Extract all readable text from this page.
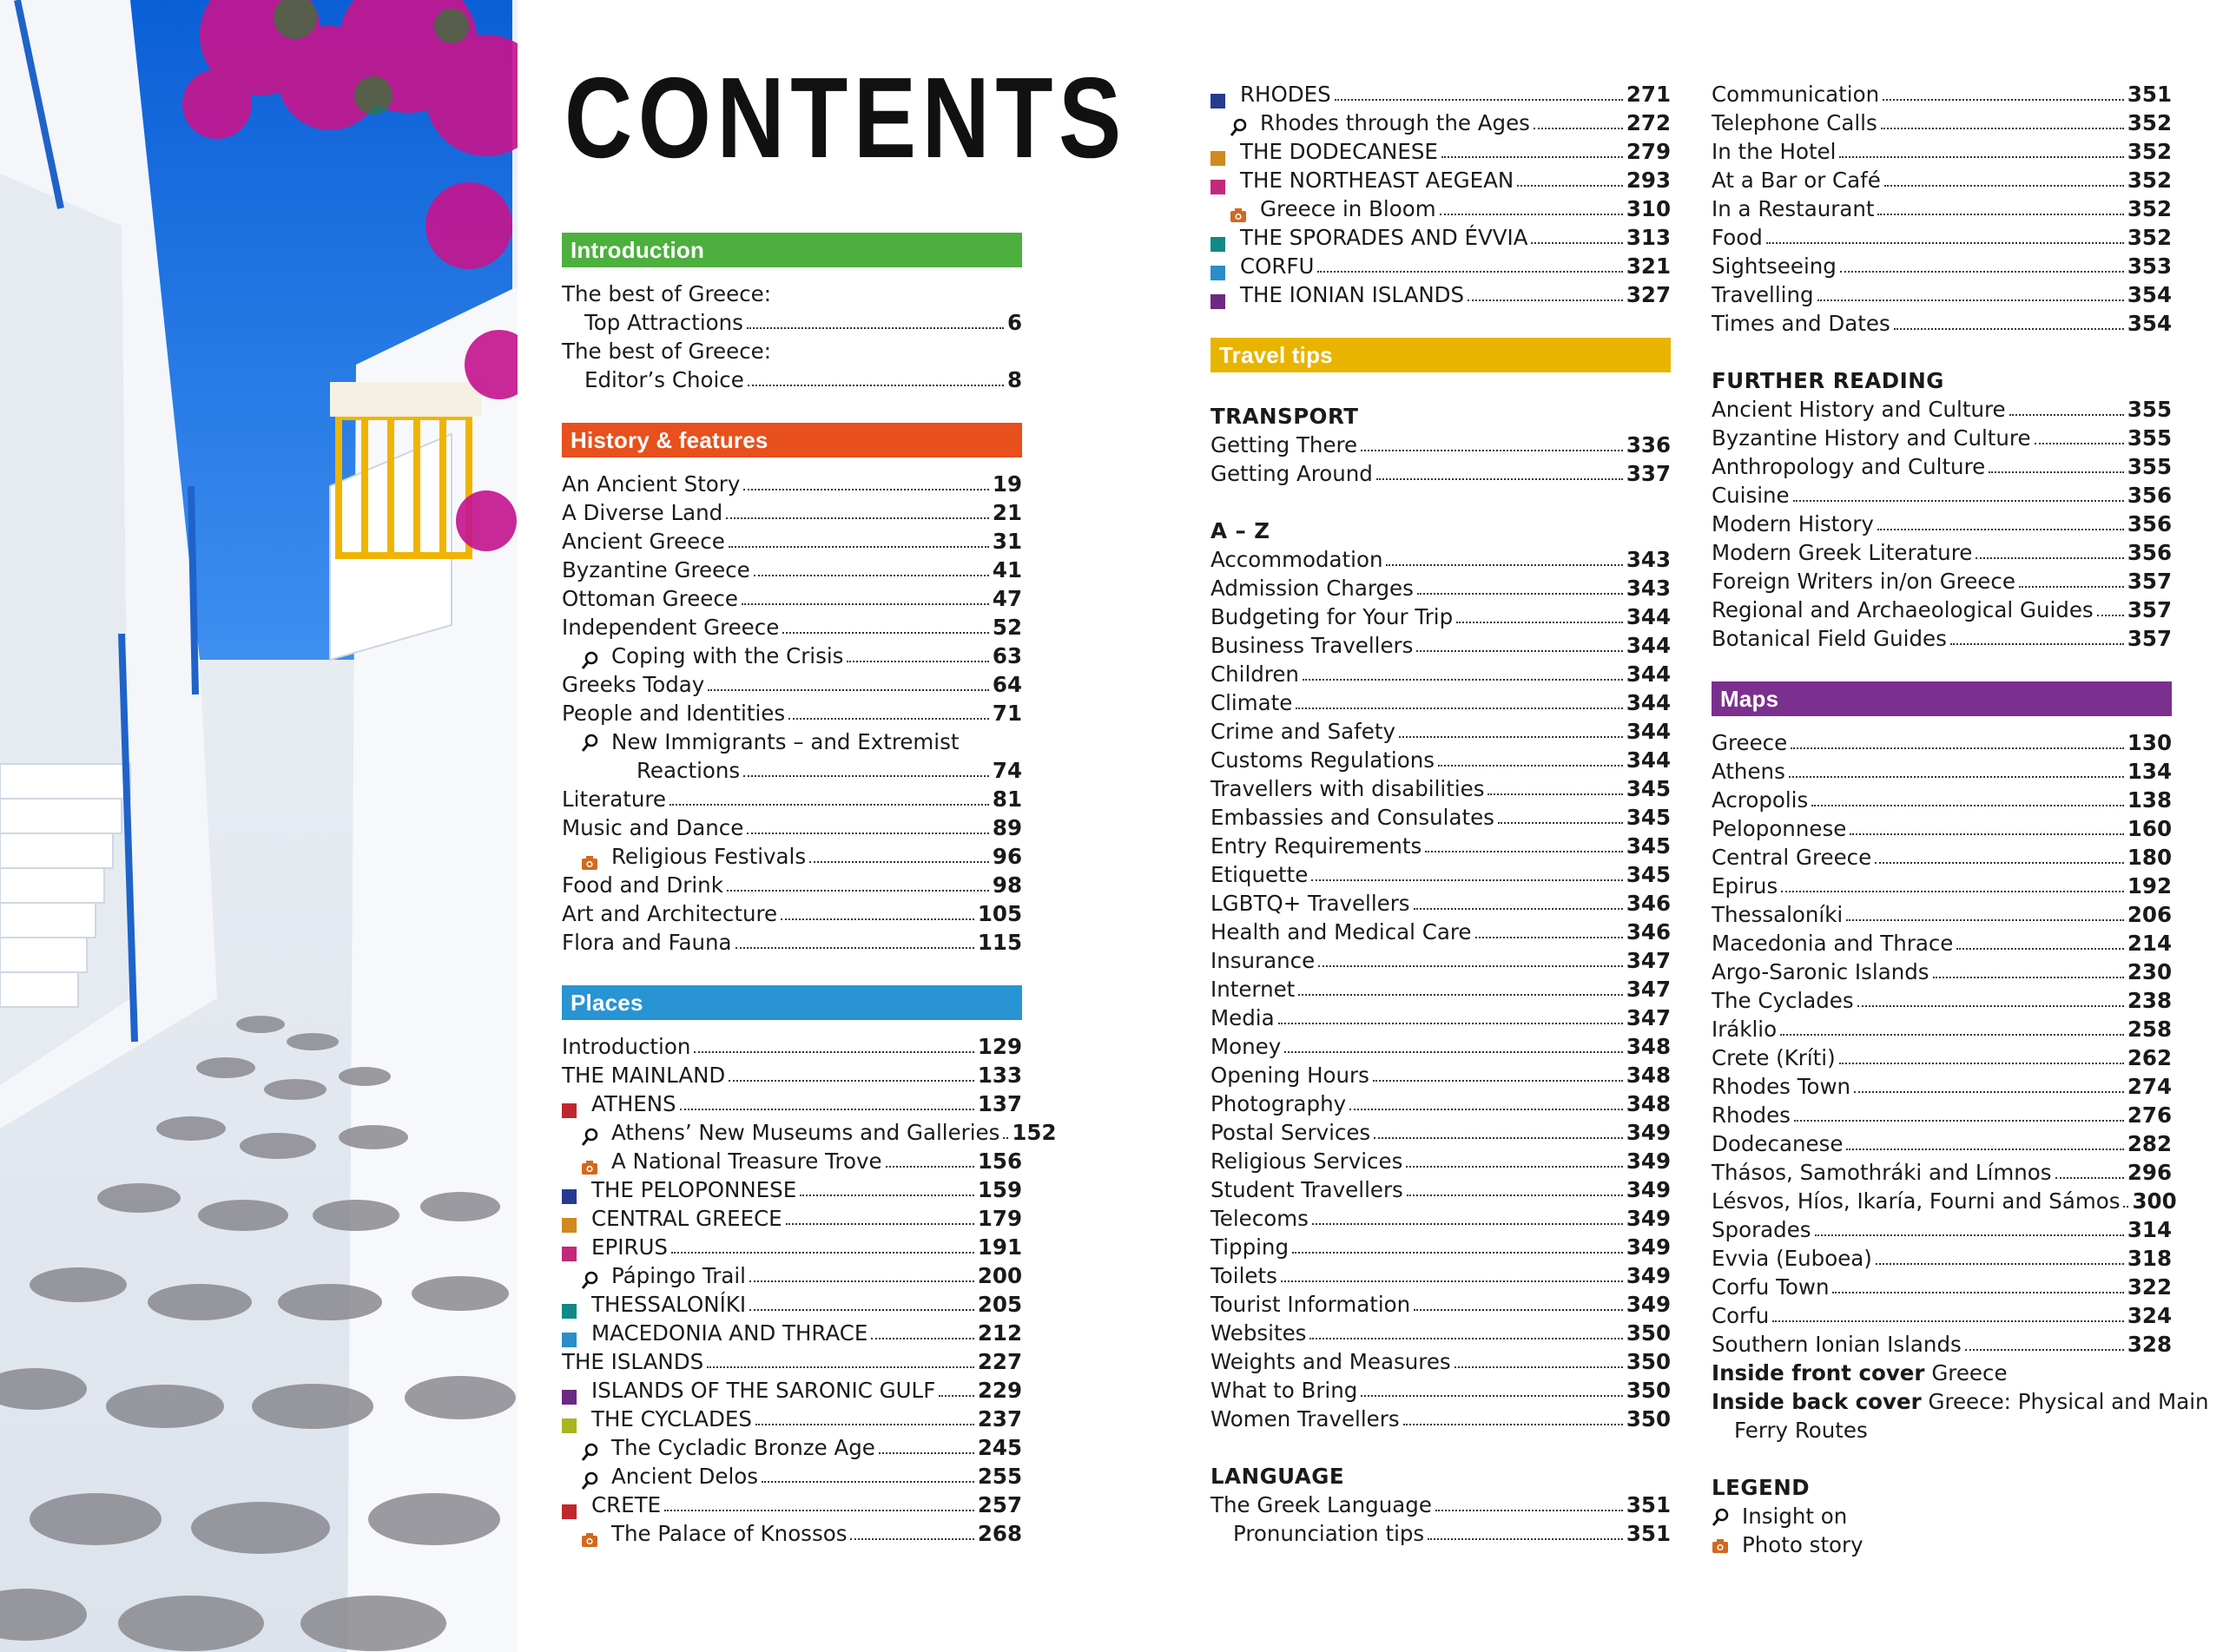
CONTENTS
Introduction
The best of Greece:
Top Attractions	6
The best of Greece:
Editor’s Choice	8
History & features
An Ancient Story	19
A Diverse Land	21
Ancient Greece	31
Byzantine Greece	41
Ottoman Greece	47
Independent Greece	52
Coping with the Crisis	63
Greeks Today	64
People and Identities	71
New Immigrants – and Extremist
Reactions	74
Literature	81
Music and Dance	89
Religious Festivals	96
Food and Drink	98
Art and Architecture	105
Flora and Fauna	115
Places
Introduction	129
THE MAINLAND	133
ATHENS	137
Athens’ New Museums and Galleries 152
A National Treasure Trove	156
THE PELOPONNESE	159
CENTRAL GREECE	179
EPIRUS	191
Pápingo Trail	200
THESSALONÍKI	205
MACEDONIA AND THRACE	212
THE ISLANDS	227
ISLANDS OF THE SARONIC GULF 229
THE CYCLADES	237
The Cycladic Bronze Age	245
Ancient Delos	255
CRETE	257
The Palace of Knossos	268
RHODES	271
Rhodes through the Ages	272
THE DODECANESE	279
THE NORTHEAST AEGEAN	293
Greece in Bloom	310
THE SPORADES AND ÉVVIA	313
CORFU	321
THE IONIAN ISLANDS	327
Travel tips
TRANSPORT
Getting There	336
Getting Around	337
A – Z
Accommodation	343
Admission Charges	343
Budgeting for Your Trip	344
Business Travellers	344
Children	344
Climate	344
Crime and Safety	344
Customs Regulations	344
Travellers with disabilities	345
Embassies and Consulates	345
Entry Requirements	345
Etiquette	345
LGBTQ+ Travellers	346
Health and Medical Care	346
Insurance	347
Internet	347
Media	347
Money	348
Opening Hours	348
Photography	348
Postal Services	349
Religious Services	349
Student Travellers	349
Telecoms	349
Tipping	349
Toilets	349
Tourist Information	349
Websites	350
Weights and Measures	350
What to Bring	350
Women Travellers	350
LANGUAGE
The Greek Language	351
Pronunciation tips	351
Communication	351
Telephone Calls	352
In the Hotel	352
At a Bar or Café	352
In a Restaurant	352
Food	352
Sightseeing	353
Travelling	354
Times and Dates	354
FURTHER READING
Ancient History and Culture	355
Byzantine History and Culture	355
Anthropology and Culture	355
Cuisine	356
Modern History	356
Modern Greek Literature	356
Foreign Writers in/on Greece	357
Regional and Archaeological Guides 357
Botanical Field Guides	357
Maps
Greece	130
Athens	134
Acropolis	138
Peloponnese	160
Central Greece	180
Epirus	192
Thessaloníki	206
Macedonia and Thrace	214
Argo-Saronic Islands	230
The Cyclades	238
Iráklio	258
Crete (Kríti)	262
Rhodes Town	274
Rhodes	276
Dodecanese	282
Thásos, Samothráki and Límnos	296
Lésvos, Híos, Ikaría, Fourni and Sámos 300
Sporades	314
Evvia (Euboea)	318
Corfu Town	322
Corfu	324
Southern Ionian Islands	328
Inside front cover Greece
Inside back cover Greece: Physical and Main
Ferry Routes
LEGEND
Insight on
Photo story
